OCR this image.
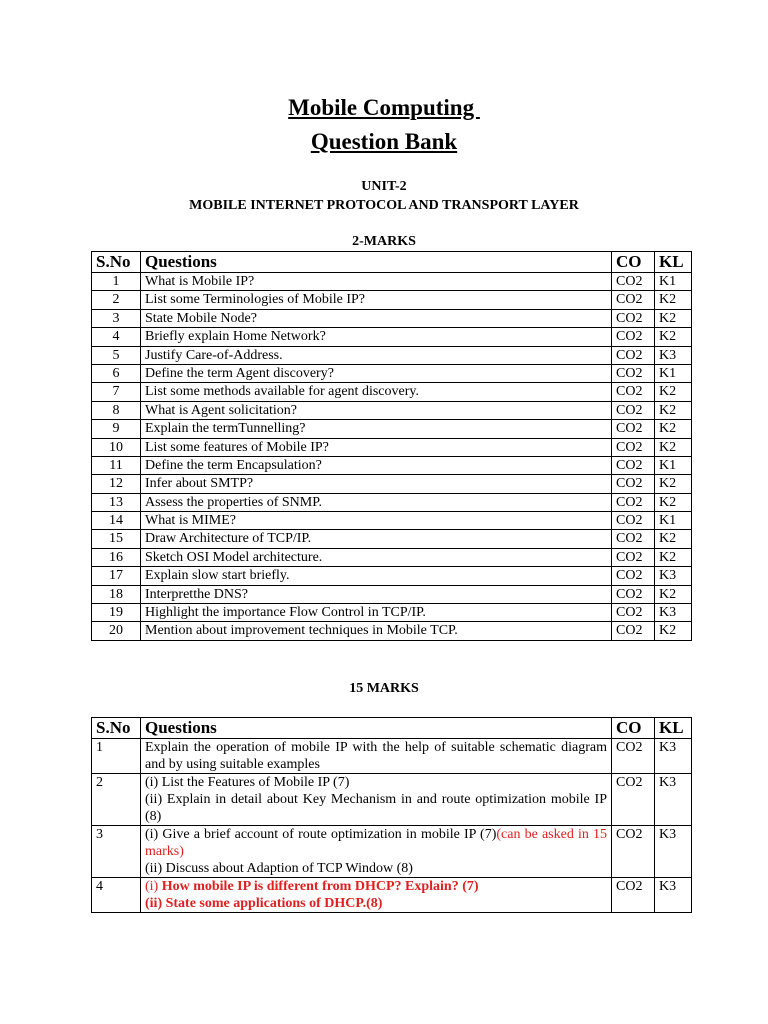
Mobile Computing
Question Bank
UNIT-2
MOBILE INTERNET PROTOCOL AND TRANSPORT LAYER
2-MARKS
S.No	Questions	CO	KL
1	What is Mobile IP?	CO2	K1
2	List some Terminologies of Mobile IP?	CO2	K2
3	State Mobile Node?	CO2	K2
4	Briefly explain Home Network?	CO2	K2
5	Justify Care-of-Address.	CO2	K3
6	Define the term Agent discovery?	CO2	K1
7	List some methods available for agent discovery.	CO2	K2
8	What is Agent solicitation?	CO2	K2
9	Explain the termTunnelling?	CO2	K2
10	List some features of Mobile IP?	CO2	K2
11	Define the term Encapsulation?	CO2	K1
12	Infer about SMTP?	CO2	K2
13	Assess the properties of SNMP.	CO2	K2
14	What is MIME?	CO2	K1
15	Draw Architecture of TCP/IP.	CO2	K2
16	Sketch OSI Model architecture.	CO2	K2
17	Explain slow start briefly.	CO2	K3
18	Interpretthe DNS?	CO2	K2
19	Highlight the importance Flow Control in TCP/IP.	CO2	K3
20	Mention about improvement techniques in Mobile TCP.	CO2	K2
15 MARKS
S.No	Questions	CO	KL
1	Explain the operation of mobile IP with the help of suitable schematic diagram and by using suitable examples	CO2	K3
2	(i) List the Features of Mobile IP (7)
(ii) Explain in detail about Key Mechanism in and route optimization mobile IP (8)	CO2	K3
3	(i) Give a brief account of route optimization in mobile IP (7)(can be asked in 15 marks)
(ii) Discuss about Adaption of TCP Window (8)	CO2	K3
4	(i) How mobile IP is different from DHCP? Explain? (7)
(ii) State some applications of DHCP.(8)	CO2	K3
